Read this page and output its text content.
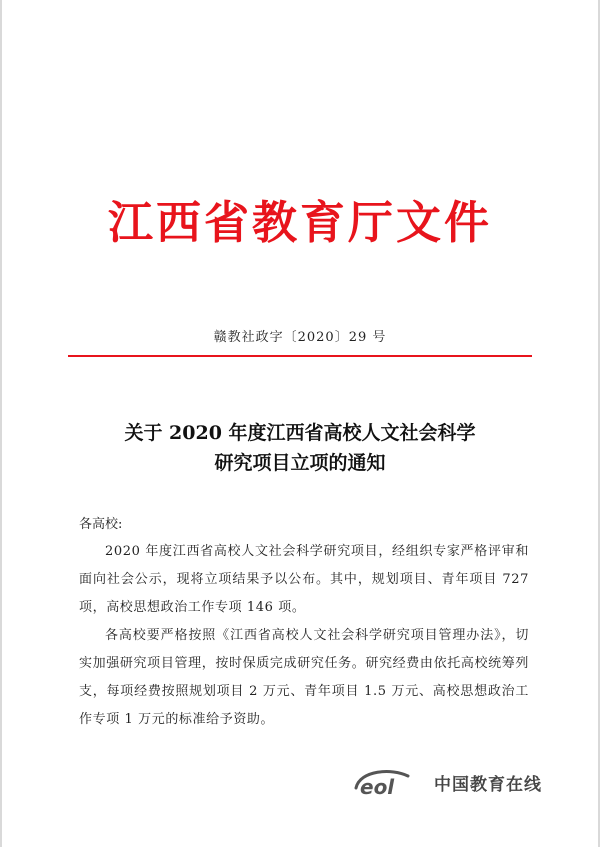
江西省教育厅文件
赣教社政字〔2020〕29 号
关于 2020 年度江西省高校人文社会科学
研究项目立项的通知
各高校:
2020 年度江西省高校人文社会科学研究项目，经组织专家严格评审和面向社会公示，现将立项结果予以公布。其中，规划项目、青年项目 727 项，高校思想政治工作专项 146 项。
各高校要严格按照《江西省高校人文社会科学研究项目管理办法》，切实加强研究项目管理，按时保质完成研究任务。研究经费由依托高校统筹列支，每项经费按照规划项目 2 万元、青年项目 1.5 万元、高校思想政治工作专项 1 万元的标准给予资助。
eol 中国教育在线
